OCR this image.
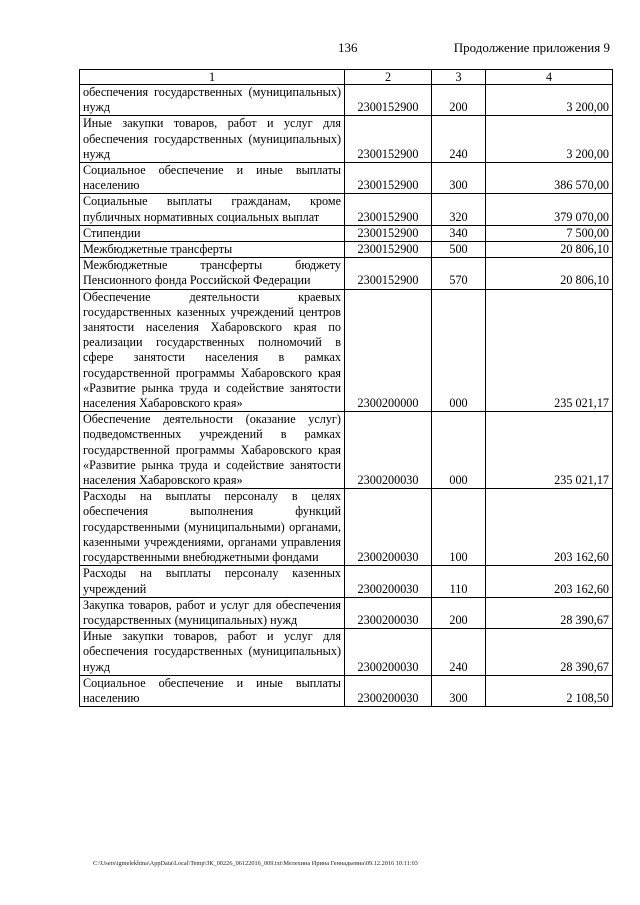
136	Продолжение приложения 9
1	2	3	4
обеспечения государственных (муниципальных) нужд	2300152900	200	3 200,00
Иные закупки товаров, работ и услуг для обеспечения государственных (муниципальных) нужд	2300152900	240	3 200,00
Социальное обеспечение и иные выплаты населению	2300152900	300	386 570,00
Социальные выплаты гражданам, кроме публичных нормативных социальных выплат	2300152900	320	379 070,00
Стипендии	2300152900	340	7 500,00
Межбюджетные трансферты	2300152900	500	20 806,10
Межбюджетные трансферты бюджету Пенсионного фонда Российской Федерации	2300152900	570	20 806,10
Обеспечение деятельности краевых государственных казенных учреждений центров занятости населения Хабаровского края по реализации государственных полномочий в сфере занятости населения в рамках государственной программы Хабаровского края «Развитие рынка труда и содействие занятости населения Хабаровского края»	2300200000	000	235 021,17
Обеспечение деятельности (оказание услуг) подведомственных учреждений в рамках государственной программы Хабаровского края «Развитие рынка труда и содействие занятости населения Хабаровского края»	2300200030	000	235 021,17
Расходы на выплаты персоналу в целях обеспечения выполнения функций государственными (муниципальными) органами, казенными учреждениями, органами управления государственными внебюджетными фондами	2300200030	100	203 162,60
Расходы на выплаты персоналу казенных учреждений	2300200030	110	203 162,60
Закупка товаров, работ и услуг для обеспечения государственных (муниципальных) нужд	2300200030	200	28 390,67
Иные закупки товаров, работ и услуг для обеспечения государственных (муниципальных) нужд	2300200030	240	28 390,67
Социальное обеспечение и иные выплаты населению	2300200030	300	2 108,50
C:\Users\igmelekhina\AppData\Local\Temp\ЗК_00226_06122016_009.txt\Мелехина Ирина Геннадьевна\09.12.2016 10:11:03
